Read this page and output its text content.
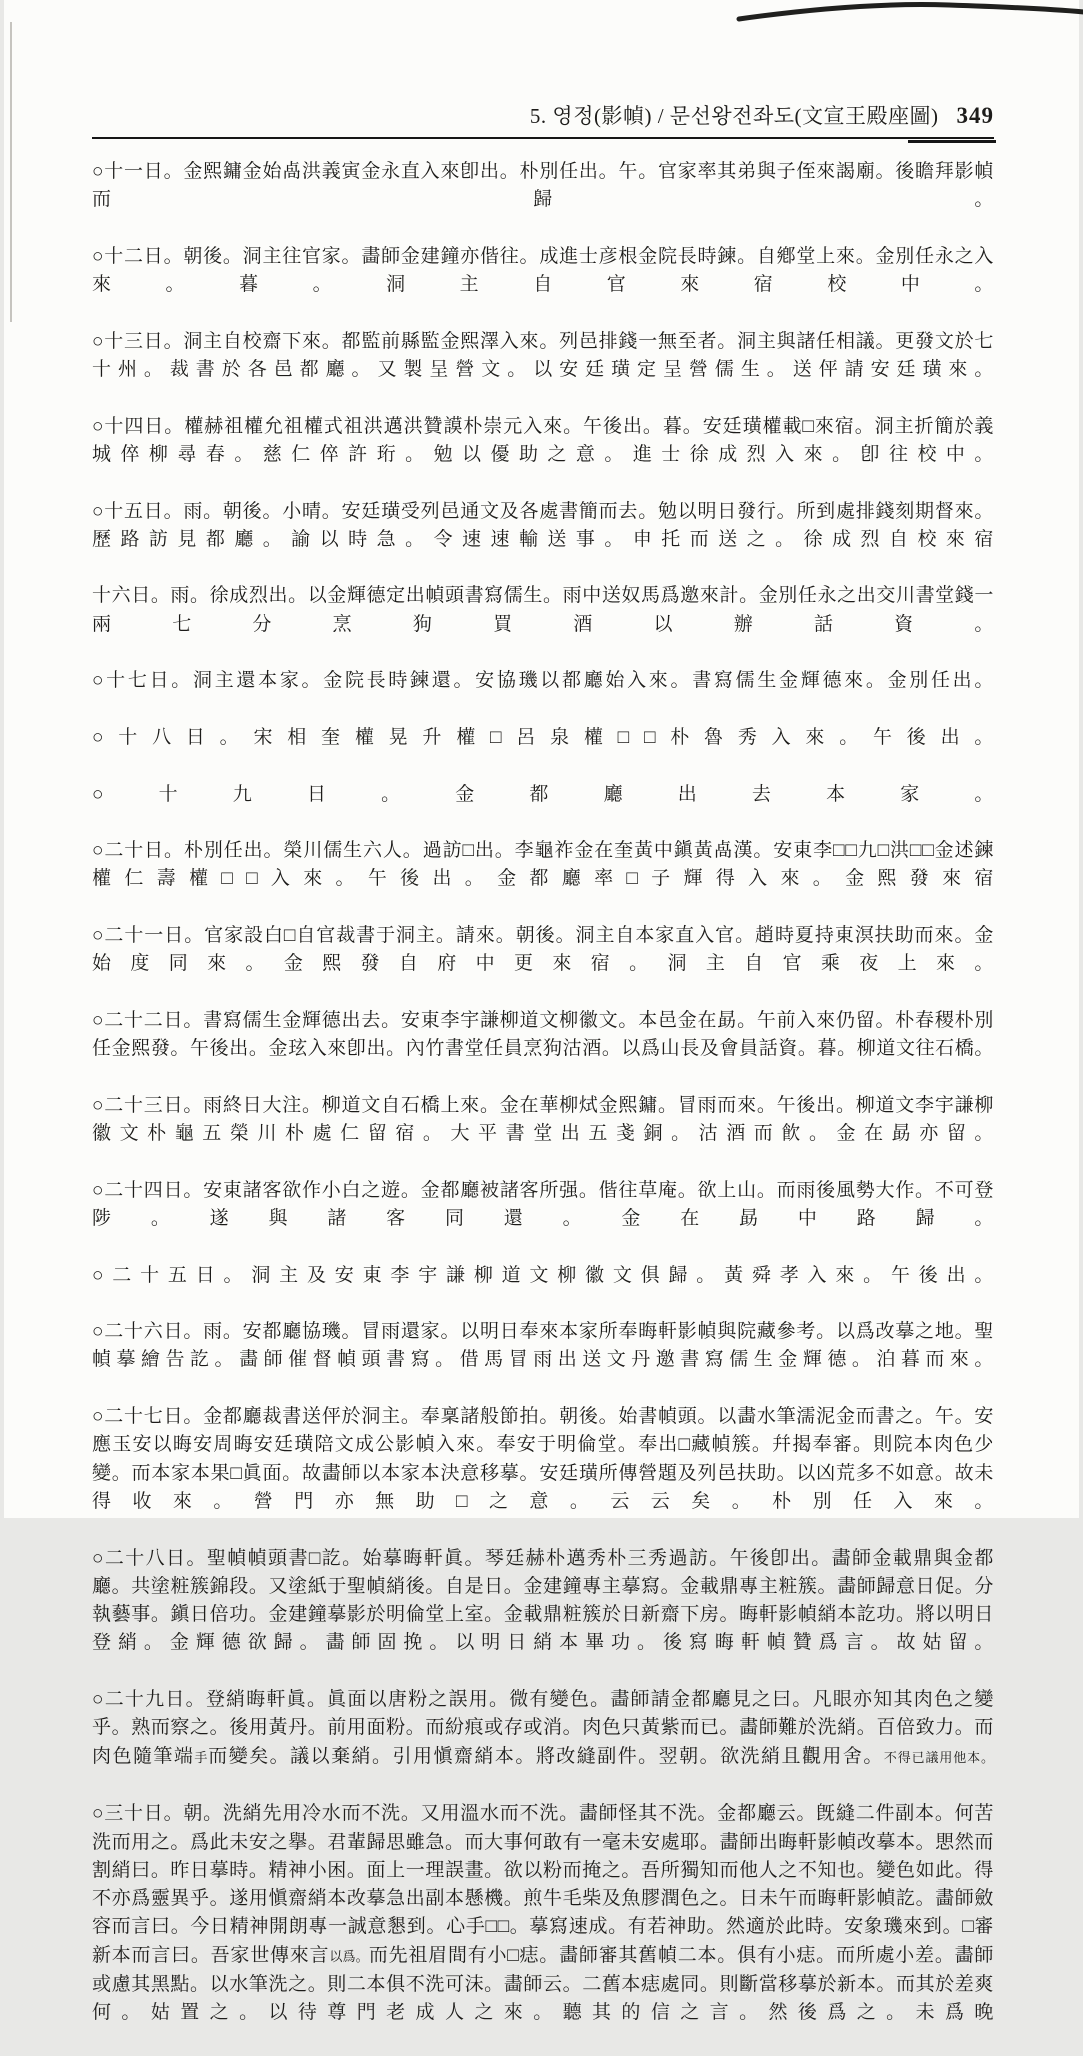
5. 영정(影幀) / 문선왕전좌도(文宣王殿座圖) 349

○十一日。金熙鏞金始卨洪義寅金永直入來卽出。朴別任出。午。官家率其弟與子侄來謁廟。後瞻拜影幀而歸。

○十二日。朝後。洞主往官家。畵師金建鐘亦偕往。成進士彦根金院長時鍊。自鄕堂上來。金別任永之入來。暮。洞主自官來宿校中。

○十三日。洞主自校齋下來。都監前縣監金熙澤入來。列邑排錢一無至者。洞主與諸任相議。更發文於七十州。裁書於各邑都廳。又製呈營文。以安廷璜定呈營儒生。送伻請安廷璜來。

○十四日。權赫祖權允祖權式祖洪邁洪贊謨朴崇元入來。午後出。暮。安廷璜權載□來宿。洞主折簡於義城倅柳尋春。慈仁倅許珩。勉以優助之意。進士徐成烈入來。卽往校中。

○十五日。雨。朝後。小晴。安廷璜受列邑通文及各處書簡而去。勉以明日發行。所到處排錢刻期督來。歷路訪見都廳。諭以時急。令速速輸送事。申托而送之。徐成烈自校來宿

十六日。雨。徐成烈出。以金輝德定出幀頭書寫儒生。雨中送奴馬爲邀來計。金別任永之出交川書堂錢一兩七分烹狗買酒以辦話資。

○十七日。洞主還本家。金院長時鍊還。安協璣以都廳始入來。書寫儒生金輝德來。金別任出。

○十八日。宋相奎權晃升權□呂泉權□□朴魯秀入來。午後出。

○十九日。金都廳出去本家。

○二十日。朴別任出。榮川儒生六人。過訪□出。李龜祚金在奎黃中鎭黃卨漢。安東李□□九□洪□□金述鍊權仁壽權□□入來。午後出。金都廳率□子輝得入來。金熙發來宿

○二十一日。官家設白□自官裁書于洞主。請來。朝後。洞主自本家直入官。趙時夏持東溟扶助而來。金始度同來。金熙發自府中更來宿。洞主自官乘夜上來。

○二十二日。書寫儒生金輝德出去。安東李宇謙柳道文柳徽文。本邑金在勗。午前入來仍留。朴春稷朴別任金熙發。午後出。金玹入來卽出。內竹書堂任員烹狗沽酒。以爲山長及會員話資。暮。柳道文往石橋。

○二十三日。雨終日大注。柳道文自石橋上來。金在華柳烒金熙鏞。冒雨而來。午後出。柳道文李宇謙柳徽文朴龜五榮川朴處仁留宿。大平書堂出五戔銅。沽酒而飮。金在勗亦留。

○二十四日。安東諸客欲作小白之遊。金都廳被諸客所强。偕往草庵。欲上山。而雨後風勢大作。不可登陟。遂與諸客同還。金在勗中路歸。

○二十五日。洞主及安東李宇謙柳道文柳徽文俱歸。黃舜孝入來。午後出。

○二十六日。雨。安都廳協璣。冒雨還家。以明日奉來本家所奉晦軒影幀與院藏參考。以爲改摹之地。聖幀摹繪告訖。畵師催督幀頭書寫。借馬冒雨出送文丹邀書寫儒生金輝德。泊暮而來。

○二十七日。金都廳裁書送伻於洞主。奉稟諸般節拍。朝後。始書幀頭。以畵水筆濡泥金而書之。午。安應玉安以晦安周晦安廷璜陪文成公影幀入來。奉安于明倫堂。奉出□藏幀簇。幷揭奉審。則院本肉色少變。而本家本果□眞面。故畵師以本家本決意移摹。安廷璜所傳營題及列邑扶助。以凶荒多不如意。故未得收來。營門亦無助□之意。云云矣。朴別任入來。

○二十八日。聖幀幀頭書□訖。始摹晦軒眞。琴廷赫朴邁秀朴三秀過訪。午後卽出。畵師金載鼎與金都廳。共塗粧簇錦段。又塗紙于聖幀綃後。自是日。金建鐘專主摹寫。金載鼎專主粧簇。畵師歸意日促。分執藝事。鎭日倍功。金建鐘摹影於明倫堂上室。金載鼎粧簇於日新齋下房。晦軒影幀綃本訖功。將以明日登綃。金輝德欲歸。畵師固挽。以明日綃本畢功。後寫晦軒幀贊爲言。故姑留。

○二十九日。登綃晦軒眞。眞面以唐粉之誤用。微有變色。畵師請金都廳見之曰。凡眼亦知其肉色之變乎。熟而察之。後用黃丹。前用面粉。而紛痕或存或消。肉色只黃紫而已。畵師難於洗綃。百倍致力。而肉色隨筆端手而變矣。議以棄綃。引用愼齋綃本。將改縫副件。翌朝。欲洗綃且觀用舍。不得已議用他本。

○三十日。朝。洗綃先用冷水而不洗。又用溫水而不洗。畵師怪其不洗。金都廳云。旣縫二件副本。何苦洗而用之。爲此未安之擧。君輩歸思雖急。而大事何敢有一毫未安處耶。畵師出晦軒影幀改摹本。愳然而割綃曰。昨日摹時。精神小困。面上一理誤畫。欲以粉而掩之。吾所獨知而他人之不知也。變色如此。得不亦爲靈異乎。遂用愼齋綃本改摹急出副本懸機。煎牛毛柴及魚膠潤色之。日未午而晦軒影幀訖。畵師斂容而言曰。今日精神開朗專一誠意懇到。心手□□。摹寫速成。有若神助。然適於此時。安象璣來到。□審新本而言曰。吾家世傳來言以爲。而先祖眉間有小□痣。畵師審其舊幀二本。俱有小痣。而所處小差。畵師或慮其黑點。以水筆洗之。則二本俱不洗可沫。畵師云。二舊本痣處同。則斷當移摹於新本。而其於差爽何。姑置之。以待尊門老成人之來。聽其的信之言。然後爲之。未爲晚
